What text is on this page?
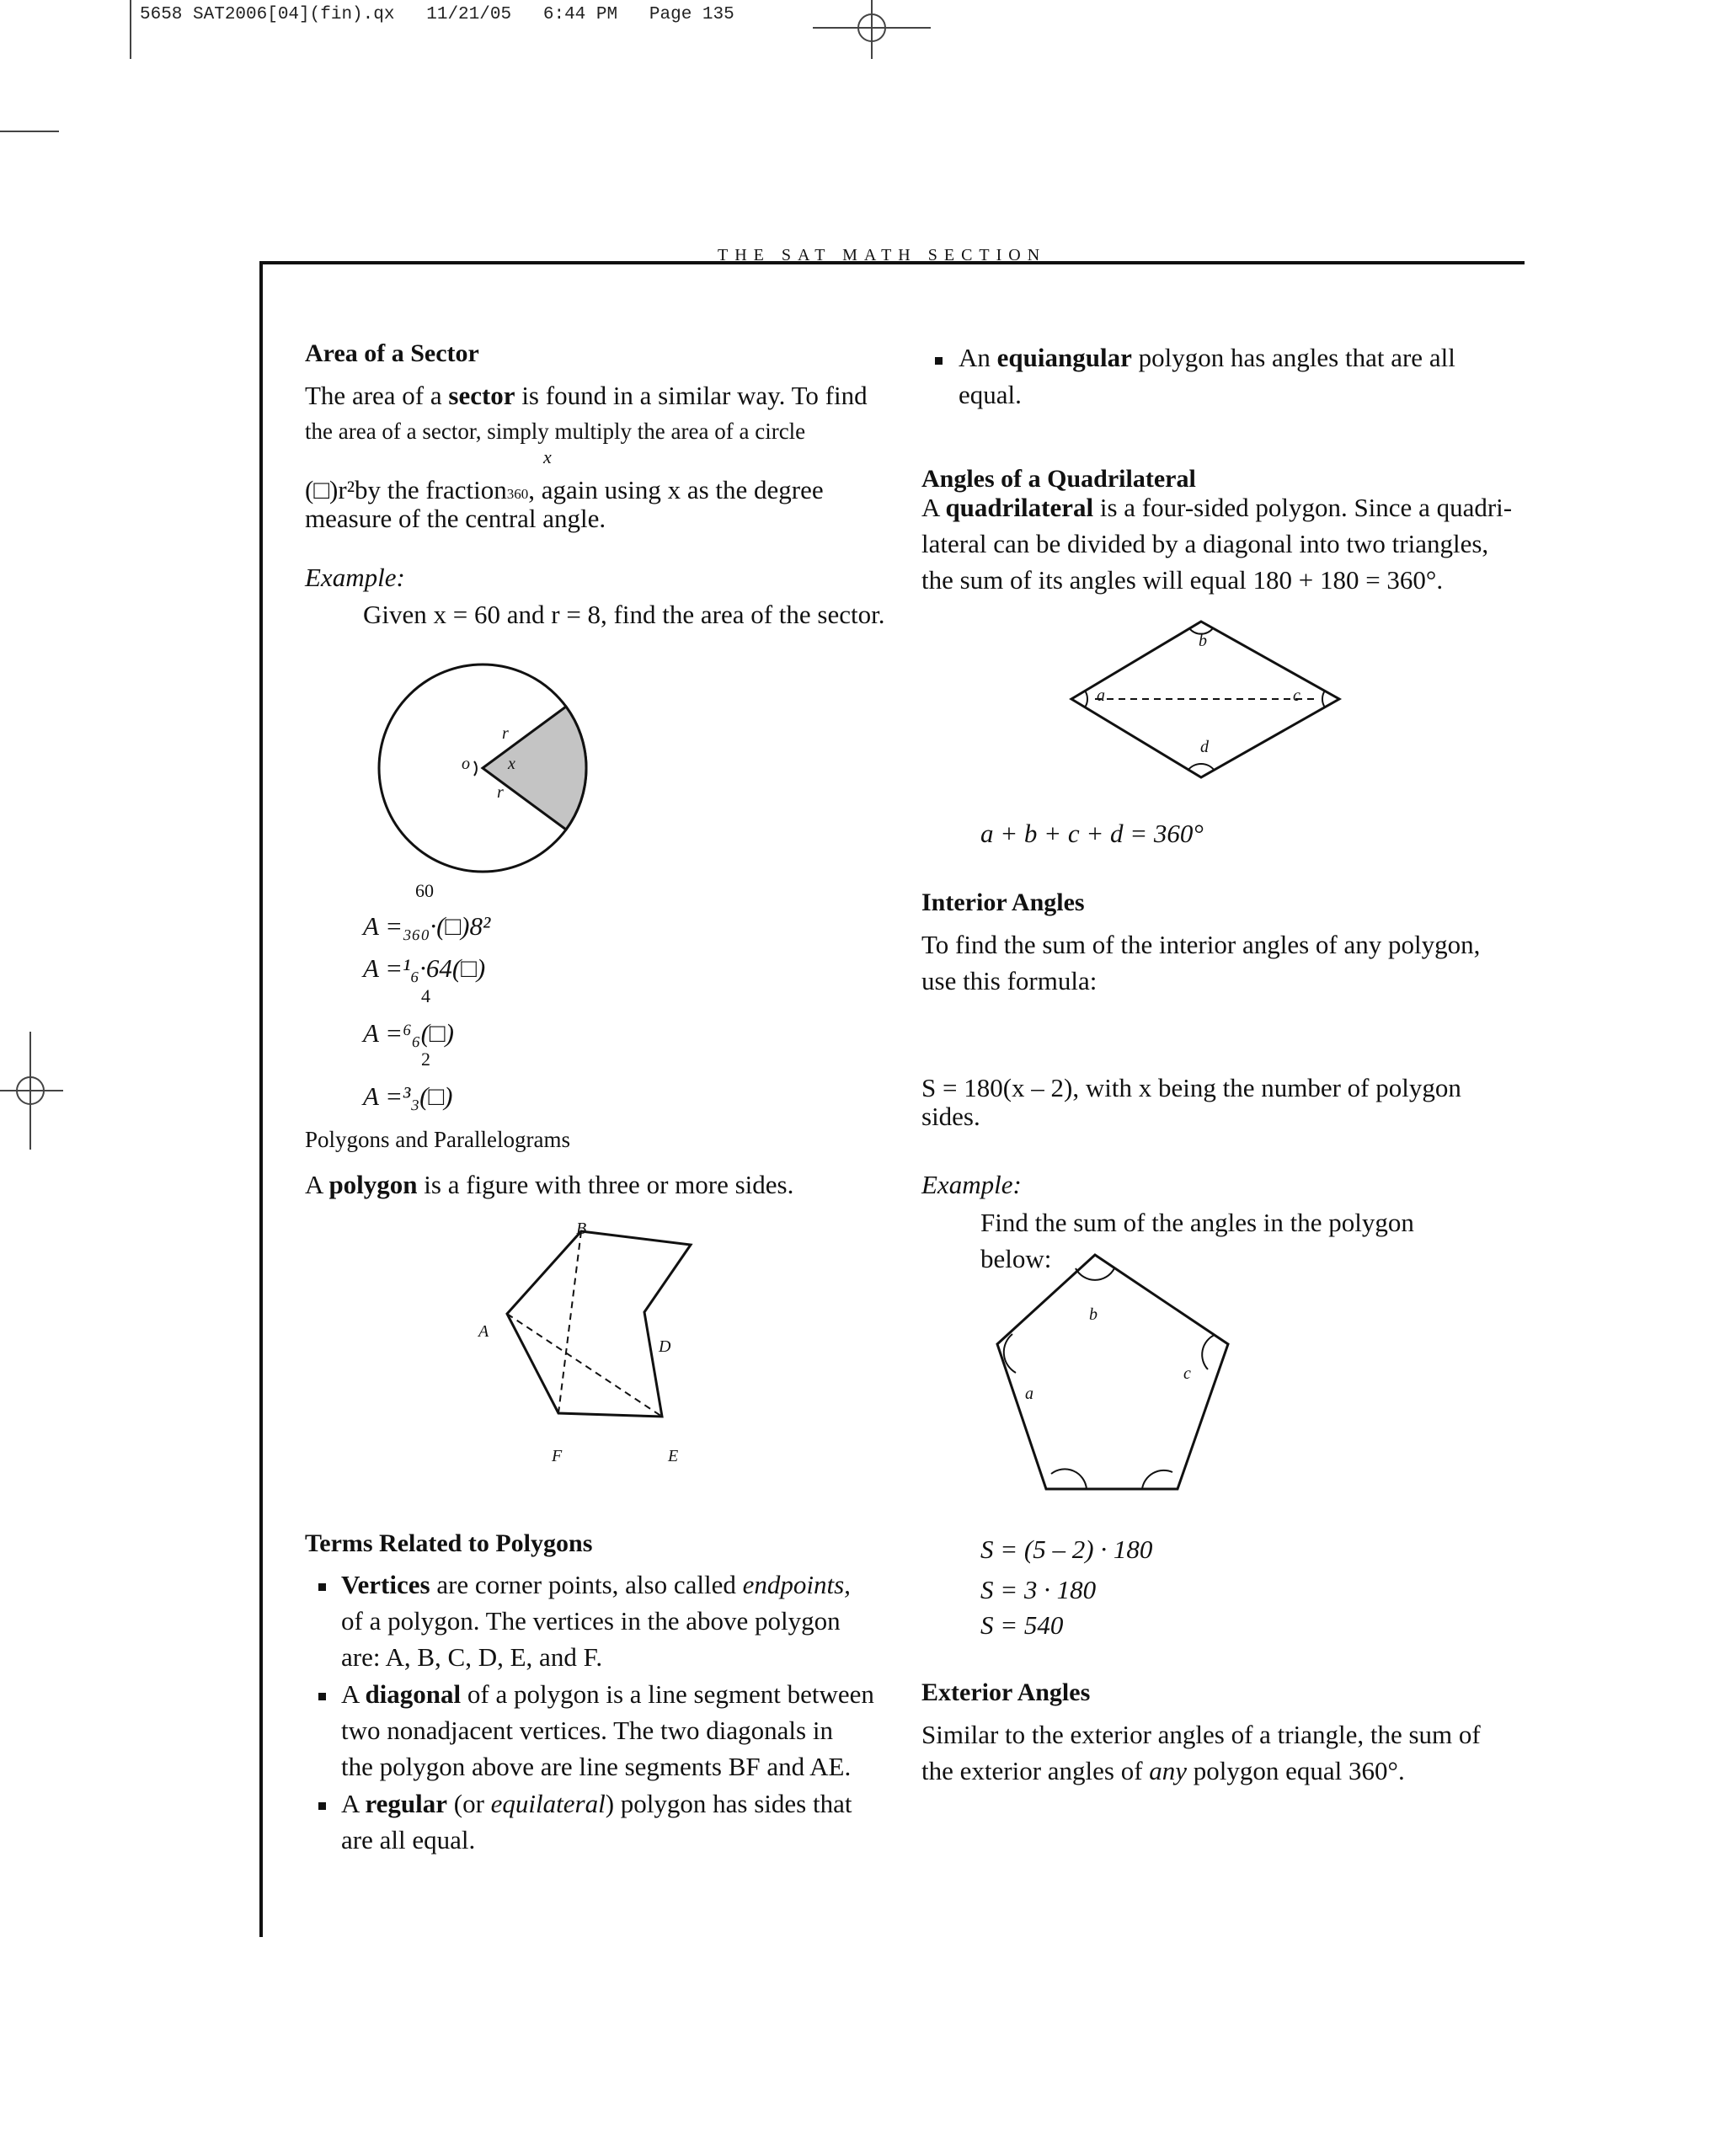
5658 SAT2006[04](fin).qx   11/21/05   6:44 PM   Page 135
THE SAT MATH SECTION
Area of a Sector
The area of a sector is found in a similar way. To find
the area of a sector, simply multiply the area of a circle
x
(□)r²by the fraction360, again using x as the degree
measure of the central angle.
Example:
Given x = 60 and r = 8, find the area of the sector.
o x
r
r
60
A =₃₆₀·(□)8²
A =¹₆·64(□)
4
A =⁶₆(□)
2
A =³₃(□)
Polygons and Parallelograms
A polygon is a figure with three or more sides.
B
A
D
F	E
Terms Related to Polygons
Vertices are corner points, also called endpoints,
of a polygon. The vertices in the above polygon
are: A, B, C, D, E, and F.
A diagonal of a polygon is a line segment between
two nonadjacent vertices. The two diagonals in
the polygon above are line segments BF and AE.
A regular (or equilateral) polygon has sides that
are all equal.
An equiangular polygon has angles that are all
equal.
Angles of a Quadrilateral
A quadrilateral is a four-sided polygon. Since a quadri-
lateral can be divided by a diagonal into two triangles,
the sum of its angles will equal 180 + 180 = 360°.
b
a	c
d
a + b + c + d = 360°
Interior Angles
To find the sum of the interior angles of any polygon,
use this formula:
S = 180(x – 2), with x being the number of polygon
sides.
Example:
Find the sum of the angles in the polygon
below:
b
a
c
S = (5 – 2) · 180
S = 3 · 180
S = 540
Exterior Angles
Similar to the exterior angles of a triangle, the sum of
the exterior angles of any polygon equal 360°.
